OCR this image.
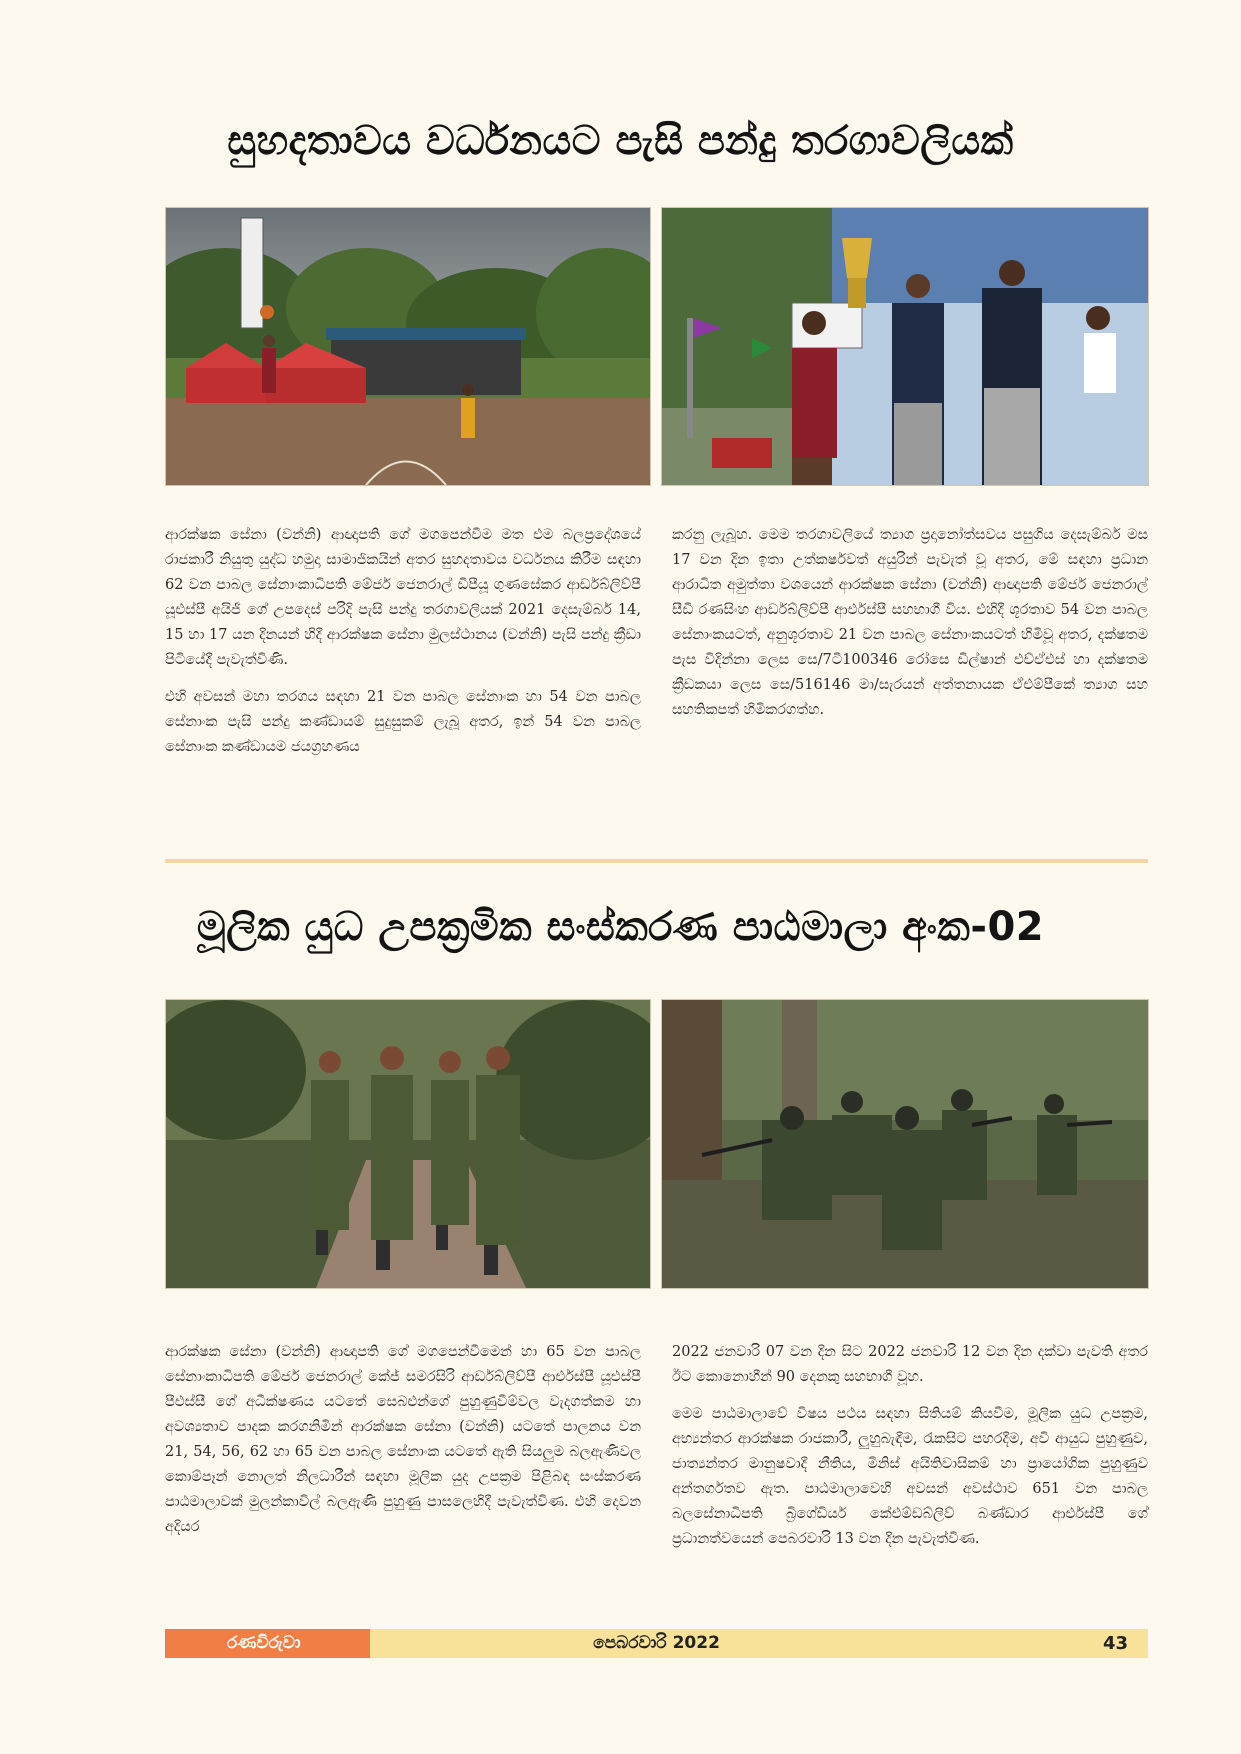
සුහදතාවය වර්ධනයට පැසි පන්දු තරගාවලියක්

ආරක්ෂක සේනා (වන්නි) ආඥාපති ගේ මගපෙන්වීම මත එම බලප්‍රදේශයේ රාජකාරී නියුතු යුද්ධ හමුදා සාමාජිකයින් අතර සුහදතාවය වර්ධනය කිරීම සඳහා 62 වන පාබල සේනාංකාධිපති මේජර් ජෙනරාල් ඩීපීයූ ගුණසේකර ආර්ඩබ්ලිව්පී යූඑස්පී අයිජී ගේ උපදෙස් පරිදි පැසි පන්දු තරගාවලියක් 2021 දෙසැම්බර් 14, 15 හා 17 යන දිනයන් හිදී ආරක්ෂක සේනා මුලස්ථානය (වන්නි) පැසි පන්දු ක්‍රීඩා පිටියේදී පැවැත්විණි.

එහි අවසන් මහා තරගය සඳහා 21 වන පාබල සේනාංක හා 54 වන පාබල සේනාංක පැසි පන්දු කණ්ඩායම් සුදුසුකම් ලැබූ අතර, ඉන් 54 වන පාබල සේනාංක කණ්ඩායම ජයග්‍රහණය

කරනු ලැබූහ. මෙම තරගාවලියේ ත්‍යාග ප්‍රදානෝත්සවය පසුගිය දෙසැම්බර් මස 17 වන දින ඉතා උත්කර්ෂවත් අයුරින් පැවැත් වූ අතර, මේ සඳහා ප්‍රධාන ආරාධිත අමුත්තා වශයෙන් ආරක්ෂක සේනා (වන්නි) ආඥාපති මේජර් ජෙනරාල් සීඩී රණසිංහ ආර්ඩබ්ලිව්පී ආර්එස්පී සහභාගී විය. එහිදී ශූරතාව 54 වන පාබල සේනාංකයටත්, අනුශූරතාව 21 වන පාබල සේනාංකයටත් හිමිවූ අතර, දක්ෂතම පැස විදින්නා ලෙස සෙ/7ටී100346 රෝසෙ ඩිල්ෂාන් එච්ඒඑස් හා දක්ෂතම ක්‍රීඩකයා ලෙස සෙ/516146 මා/සැරයන් අත්තනායක ඒඑම්පීකේ ත්‍යාග සහ සහතිකපත් හිමිකරගත්හ.

මූලික යුධ උපක්‍රමික සංස්කරණ පාඨමාලා අංක-02

ආරක්ෂක සේනා (වන්නි) ආඥාපති ගේ මගපෙන්වීමෙන් හා 65 වන පාබල සේනාංකාධිපති මේජර් ජෙනරාල් කේජ් සමරසිරි ආර්ඩබ්ලිව්පී ආර්එස්පී යූඑස්පී පීඑස්සී ගේ අධීක්ෂණය යටතේ සෙබළුන්ගේ පුහුණුවීම්වල වැදගත්කම හා අවශ්‍යතාව පාදක කරගනිමින් ආරක්ෂක සේනා (වන්නි) යටතේ පාලනය වන 21, 54, 56, 62 හා 65 වන පාබල සේනාංක යටතේ ඇති සියලුම බලඇණිවල කොම්පෑන් නොලත් නිලධාරීන් සඳහා මූලික යුද උපක්‍රම පිළිබඳ සංස්කරණ පාඨමාලාවක් මුලන්කාවිල් බලඇණි පුහුණු පාසලෙහිදී පැවැත්විණ. එහි දෙවන අදියර

2022 ජනවාරි 07 වන දින සිට 2022 ජනවාරි 12 වන දින දක්වා පැවති අතර ඊට කොනොහීන් 90 දෙනකු සහභාගී වූහ.

මෙම පාඨමාලාවේ විෂය පථය සඳහා සිතියම් කියවීම, මූලික යුධ උපක්‍රම, අභ්‍යන්තර ආරක්ෂක රාජකාරී, ලුහුබැඳීම, රැකසිට පහරදීම, අවි ආයුධ පුහුණුව, ජාත්‍යන්තර මානුෂවාදී නීතිය, මිනිස් අයිතිවාසිකම් හා ප්‍රායෝගික පුහුණුව අන්තර්ගතව ඇත. පාඨමාලාවෙහි අවසන් අවස්ථාව 651 වන පාබල බලසේනාධිපති බ්‍රිගේඩියර් කේඑම්ඩබ්ලිව් බණ්ඩාර ආර්එස්පී ගේ ප්‍රධානත්වයෙන් පෙබරවාරි 13 වන දින පැවැත්විණ.

රණවිරුවා	පෙබරවාරි 2022	43
